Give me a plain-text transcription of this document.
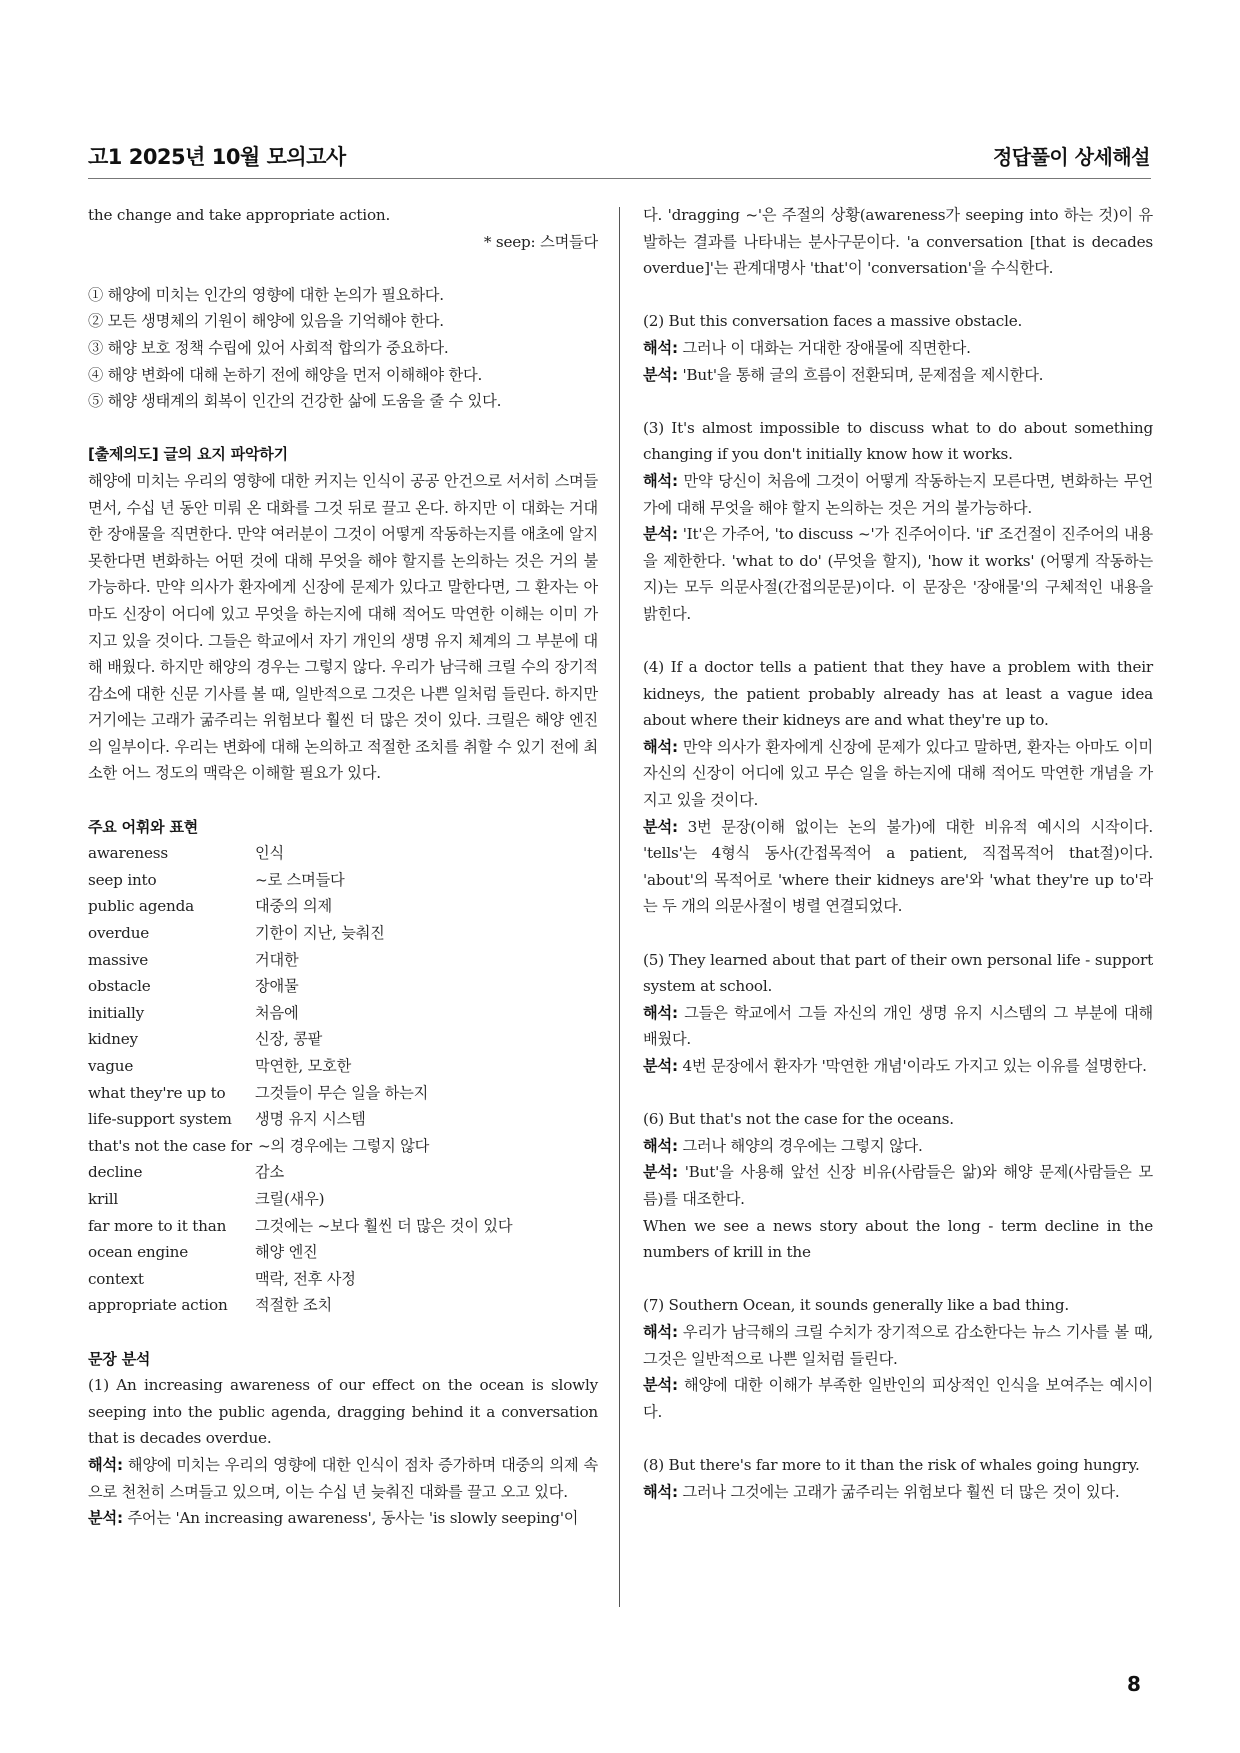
고1 2025년 10월 모의고사	정답풀이 상세해설

the change and take appropriate action.

* seep: 스며들다

① 해양에 미치는 인간의 영향에 대한 논의가 필요하다.

② 모든 생명체의 기원이 해양에 있음을 기억해야 한다.

③ 해양 보호 정책 수립에 있어 사회적 합의가 중요하다.

④ 해양 변화에 대해 논하기 전에 해양을 먼저 이해해야 한다.

⑤ 해양 생태계의 회복이 인간의 건강한 삶에 도움을 줄 수 있다.

[출제의도] 글의 요지 파악하기

해양에 미치는 우리의 영향에 대한 커지는 인식이 공공 안건으로 서서히 스며들면서, 수십 년 동안 미뤄 온 대화를 그것 뒤로 끌고 온다. 하지만 이 대화는 거대한 장애물을 직면한다. 만약 여러분이 그것이 어떻게 작동하는지를 애초에 알지 못한다면 변화하는 어떤 것에 대해 무엇을 해야 할지를 논의하는 것은 거의 불가능하다. 만약 의사가 환자에게 신장에 문제가 있다고 말한다면, 그 환자는 아마도 신장이 어디에 있고 무엇을 하는지에 대해 적어도 막연한 이해는 이미 가지고 있을 것이다. 그들은 학교에서 자기 개인의 생명 유지 체계의 그 부분에 대해 배웠다. 하지만 해양의 경우는 그렇지 않다. 우리가 남극해 크릴 수의 장기적 감소에 대한 신문 기사를 볼 때, 일반적으로 그것은 나쁜 일처럼 들린다. 하지만 거기에는 고래가 굶주리는 위험보다 훨씬 더 많은 것이 있다. 크릴은 해양 엔진의 일부이다. 우리는 변화에 대해 논의하고 적절한 조치를 취할 수 있기 전에 최소한 어느 정도의 맥락은 이해할 필요가 있다.

주요 어휘와 표현

awareness	인식
seep into	~로 스며들다
public agenda	대중의 의제
overdue	기한이 지난, 늦춰진
massive	거대한
obstacle	장애물
initially	처음에
kidney	신장, 콩팥
vague	막연한, 모호한
what they're up to	그것들이 무슨 일을 하는지
life-support system	생명 유지 시스템
that's not the case for ~의 경우에는 그렇지 않다
decline	감소
krill	크릴(새우)
far more to it than	그것에는 ~보다 훨씬 더 많은 것이 있다
ocean engine	해양 엔진
context	맥락, 전후 사정
appropriate action	적절한 조치

문장 분석

(1) An increasing awareness of our effect on the ocean is slowly seeping into the public agenda, dragging behind it a conversation that is decades overdue.

해석: 해양에 미치는 우리의 영향에 대한 인식이 점차 증가하며 대중의 의제 속으로 천천히 스며들고 있으며, 이는 수십 년 늦춰진 대화를 끌고 오고 있다.

분석: 주어는 'An increasing awareness', 동사는 'is slowly seeping'이

다. 'dragging ~'은 주절의 상황(awareness가 seeping into 하는 것)이 유발하는 결과를 나타내는 분사구문이다. 'a conversation [that is decades overdue]'는 관계대명사 'that'이 'conversation'을 수식한다.

(2) But this conversation faces a massive obstacle.

해석: 그러나 이 대화는 거대한 장애물에 직면한다.

분석: 'But'을 통해 글의 흐름이 전환되며, 문제점을 제시한다.

(3) It's almost impossible to discuss what to do about something changing if you don't initially know how it works.

해석: 만약 당신이 처음에 그것이 어떻게 작동하는지 모른다면, 변화하는 무언가에 대해 무엇을 해야 할지 논의하는 것은 거의 불가능하다.

분석: 'It'은 가주어, 'to discuss ~'가 진주어이다. 'if' 조건절이 진주어의 내용을 제한한다. 'what to do' (무엇을 할지), 'how it works' (어떻게 작동하는지)는 모두 의문사절(간접의문문)이다. 이 문장은 '장애물'의 구체적인 내용을 밝힌다.

(4) If a doctor tells a patient that they have a problem with their kidneys, the patient probably already has at least a vague idea about where their kidneys are and what they're up to.

해석: 만약 의사가 환자에게 신장에 문제가 있다고 말하면, 환자는 아마도 이미 자신의 신장이 어디에 있고 무슨 일을 하는지에 대해 적어도 막연한 개념을 가지고 있을 것이다.

분석: 3번 문장(이해 없이는 논의 불가)에 대한 비유적 예시의 시작이다. 'tells'는 4형식 동사(간접목적어 a patient, 직접목적어 that절)이다. 'about'의 목적어로 'where their kidneys are'와 'what they're up to'라는 두 개의 의문사절이 병렬 연결되었다.

(5) They learned about that part of their own personal life - support system at school.

해석: 그들은 학교에서 그들 자신의 개인 생명 유지 시스템의 그 부분에 대해 배웠다.

분석: 4번 문장에서 환자가 '막연한 개념'이라도 가지고 있는 이유를 설명한다.

(6) But that's not the case for the oceans.

해석: 그러나 해양의 경우에는 그렇지 않다.

분석: 'But'을 사용해 앞선 신장 비유(사람들은 앎)와 해양 문제(사람들은 모름)를 대조한다.

When we see a news story about the long - term decline in the numbers of krill in the

(7) Southern Ocean, it sounds generally like a bad thing.

해석: 우리가 남극해의 크릴 수치가 장기적으로 감소한다는 뉴스 기사를 볼 때, 그것은 일반적으로 나쁜 일처럼 들린다.

분석: 해양에 대한 이해가 부족한 일반인의 피상적인 인식을 보여주는 예시이다.

(8) But there's far more to it than the risk of whales going hungry.

해석: 그러나 그것에는 고래가 굶주리는 위험보다 훨씬 더 많은 것이 있다.

8
